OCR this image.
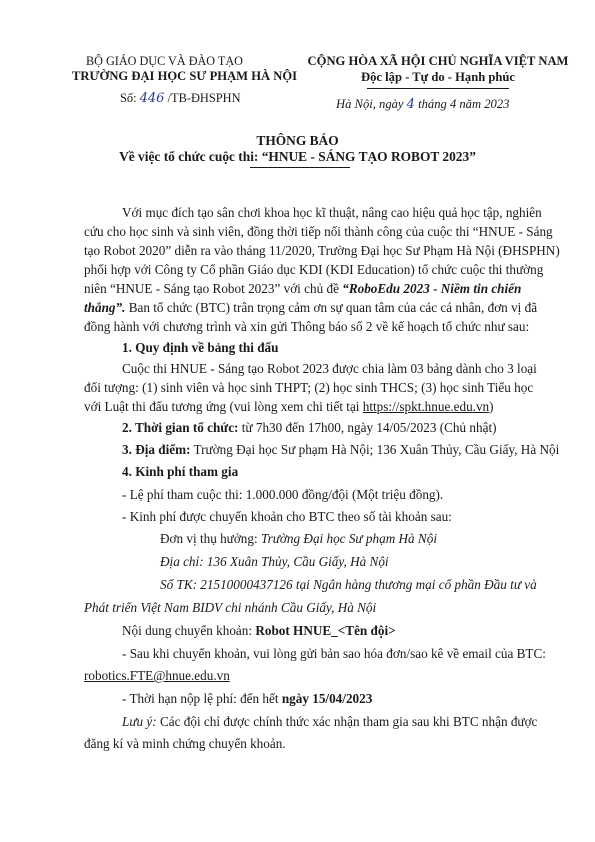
BỘ GIÁO DỤC VÀ ĐÀO TẠO
TRƯỜNG ĐẠI HỌC SƯ PHẠM HÀ NỘI
Số: 446 /TB-ĐHSPHN
CỘNG HÒA XÃ HỘI CHỦ NGHĨA VIỆT NAM
Độc lập - Tự do - Hạnh phúc
Hà Nội, ngày 4 tháng 4 năm 2023
THÔNG BÁO
Về việc tổ chức cuộc thi: “HNUE - SÁNG TẠO ROBOT 2023”
Với mục đích tạo sân chơi khoa học kĩ thuật, nâng cao hiệu quả học tập, nghiên
cứu cho học sinh và sinh viên, đồng thời tiếp nối thành công của cuộc thi “HNUE - Sáng
tạo Robot 2020” diễn ra vào tháng 11/2020, Trường Đại học Sư Phạm Hà Nội (ĐHSPHN)
phối hợp với Công ty Cổ phần Giáo dục KDI (KDI Education) tổ chức cuộc thi thường
niên “HNUE - Sáng tạo Robot 2023” với chủ đề “RoboEdu 2023 - Niềm tin chiến
thắng”. Ban tổ chức (BTC) trân trọng cảm ơn sự quan tâm của các cá nhân, đơn vị đã
đồng hành với chương trình và xin gửi Thông báo số 2 về kế hoạch tổ chức như sau:
1. Quy định về bảng thi đấu
Cuộc thi HNUE - Sáng tạo Robot 2023 được chia làm 03 bảng dành cho 3 loại
đối tượng: (1) sinh viên và học sinh THPT; (2) học sinh THCS; (3) học sinh Tiểu học
với Luật thi đấu tương ứng (vui lòng xem chi tiết tại https://spkt.hnue.edu.vn)
2. Thời gian tổ chức: từ 7h30 đến 17h00, ngày 14/05/2023 (Chủ nhật)
3. Địa điểm: Trường Đại học Sư phạm Hà Nội; 136 Xuân Thủy, Cầu Giấy, Hà Nội
4. Kinh phí tham gia
- Lệ phí tham cuộc thi: 1.000.000 đồng/đội (Một triệu đồng).
- Kinh phí được chuyển khoản cho BTC theo số tài khoản sau:
Đơn vị thụ hưởng: Trường Đại học Sư phạm Hà Nội
Địa chỉ: 136 Xuân Thủy, Cầu Giấy, Hà Nội
Số TK: 21510000437126 tại Ngân hàng thương mại cổ phần Đầu tư và
Phát triển Việt Nam BIDV chi nhánh Cầu Giấy, Hà Nội
Nội dung chuyển khoản: Robot HNUE_<Tên đội>
- Sau khi chuyển khoản, vui lòng gửi bản sao hóa đơn/sao kê về email của BTC:
robotics.FTE@hnue.edu.vn
- Thời hạn nộp lệ phí: đến hết ngày 15/04/2023
Lưu ý: Các đội chỉ được chính thức xác nhận tham gia sau khi BTC nhận được
đăng kí và minh chứng chuyển khoản.
